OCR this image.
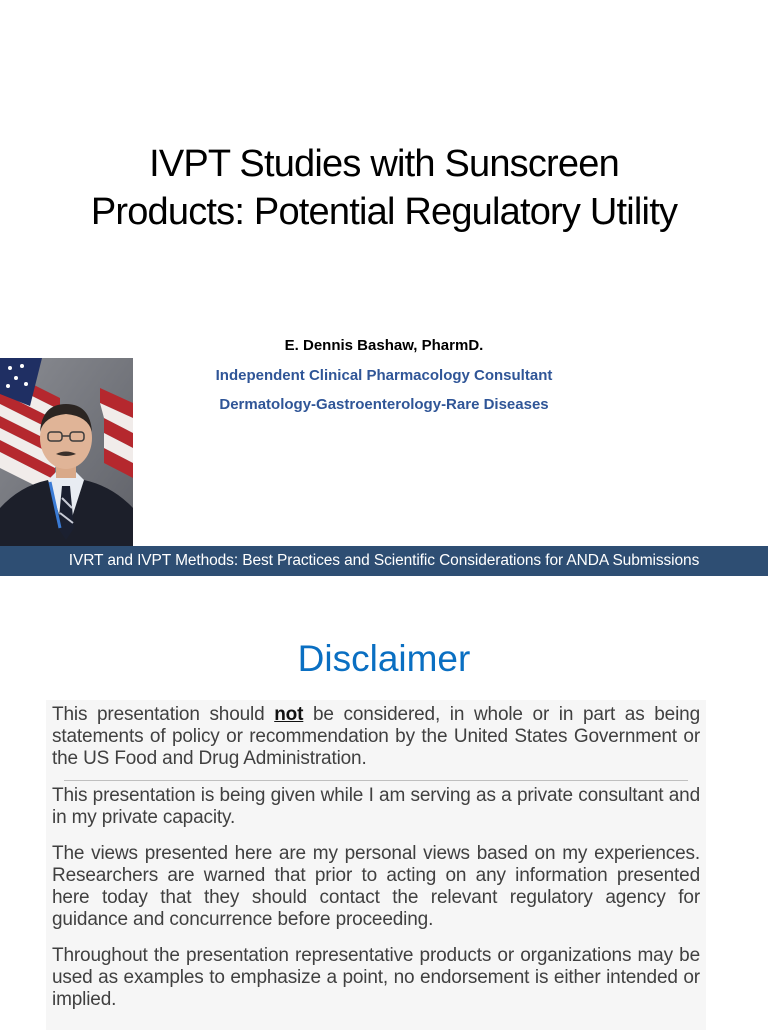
IVPT Studies with Sunscreen
Products: Potential Regulatory Utility
E. Dennis Bashaw, PharmD.
Independent Clinical Pharmacology Consultant
Dermatology-Gastroenterology-Rare Diseases
IVRT and IVPT Methods: Best Practices and Scientific Considerations for ANDA Submissions
Disclaimer

This presentation should not be considered, in whole or in part as being statements of policy or recommendation by the United States Government or the US Food and Drug Administration.

This presentation is being given while I am serving as a private consultant and in my private capacity.

The views presented here are my personal views based on my experiences. Researchers are warned that prior to acting on any information presented here today that they should contact the relevant regulatory agency for guidance and concurrence before proceeding.

Throughout the presentation representative products or organizations may be used as examples to emphasize a point, no endorsement is either intended or implied.
